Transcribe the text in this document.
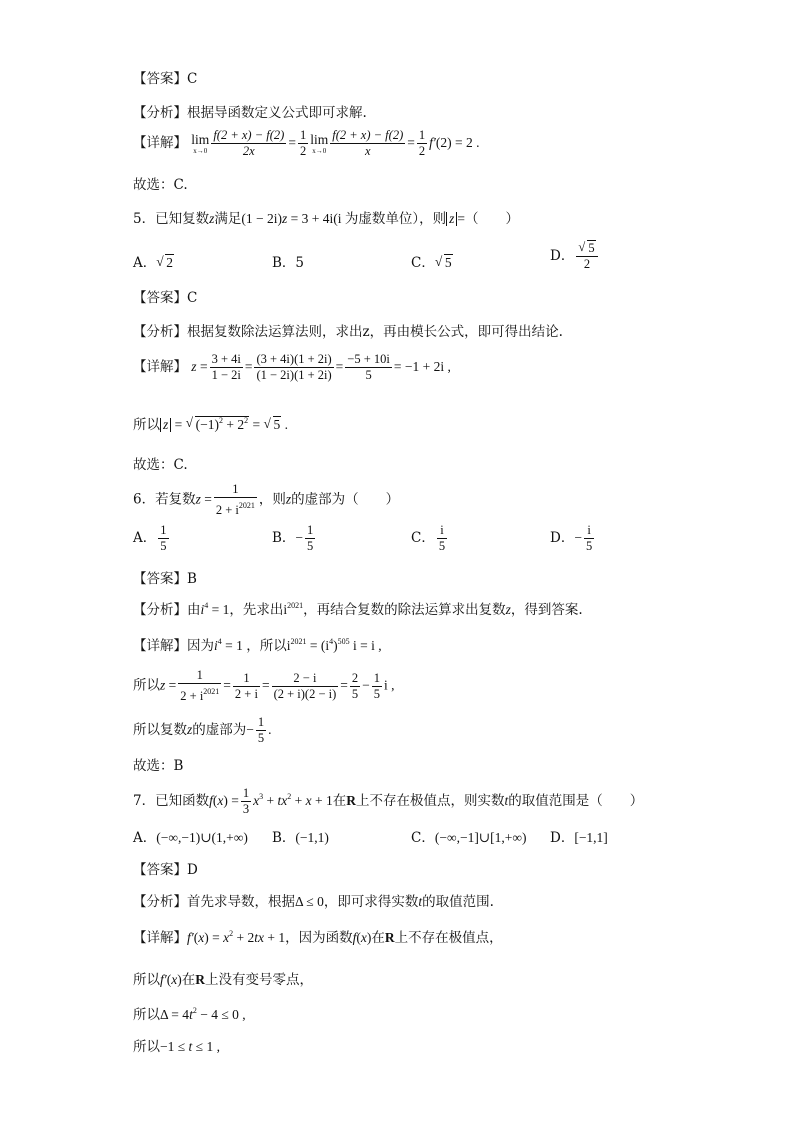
【答案】C
【分析】根据导函数定义公式即可求解.
【详解】 lim
$x\to 0 \frac{f(2 + x) - f(2)}{2x} = \frac{1}{2}$ lim
$x\to 0 \frac{f(2 + x) - f(2)}{x} = \frac{1}{2} f'(2) = 2$ .
故选：C.
5．已知复数z满足(1 − 2i)z = 3 + 4i(i 为虚数单位），则 z =（　　）
A． √ 2	B．5	C． √ 5	D． √ $\frac{5}{2}$
【答案】C
【分析】根据复数除法运算法则，求出z，再由模长公式，即可得出结论.
【详解】 $z = \frac{3 + 4i}{1 - 2i} = \frac{(3 + 4i)(1 + 2i)}{(1 - 2i)(1 + 2i)} = \frac{-5 + 10i}{5} = -1 + 2i$ ,
所以 z = √ $(-1)^2 + 2^2$ = √ 5 .
故选：C.
6．若复数$z = \frac{1}{2 + i^{2021}}$ ，则z的虚部为（　　）
A． $\frac{1}{5}$	B．− $\frac{1}{5}$	C． $\frac{i}{5}$	D．− $\frac{i}{5}$
【答案】B
【分析】由$i^4 = 1$，先求出$i^{2021}$，再结合复数的除法运算求出复数z，得到答案.
【详解】因为$i^4 = 1$ ，所以$i^{2021} = (i^4)^{505}$ i = i ,
所以$z = \frac{1}{2 + i^{2021}} = \frac{1}{2 + i} = \frac{2 - i}{(2 + i)(2 - i)} = \frac{2}{5} - \frac{1}{5}$ i ,
所以复数z的虚部为− $\frac{1}{5}$ .
故选：B
7．已知函数$f(x) = \frac{1}{3} x^3 + tx^2 + x + 1$在R上不存在极值点，则实数t的取值范围是（　　）
A．(−∞,−1)∪(1,+∞) B．(−1,1)	C．(−∞,−1]∪[1,+∞) D．[−1,1]
【答案】D
【分析】首先求导数，根据Δ ≤ 0，即可求得实数t的取值范围.
【详解】$f'(x) = x^2 + 2tx + 1$，因为函数f(x)在R上不存在极值点，
所以f′(x)在R上没有变号零点，
所以$\Delta = 4t^2 - 4 \le 0$ ,
所以−1 ≤ t ≤ 1 ,
